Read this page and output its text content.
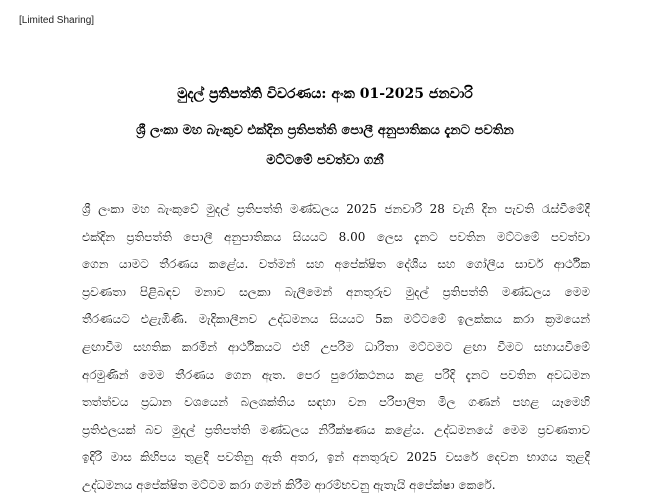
[Limited Sharing]
මුදල් ප්‍රතිපත්ති විවරණය: අංක 01-2025 ජනවාරි
ශ්‍රී ලංකා මහ බැංකුව එක්දින ප්‍රතිපත්ති පොලී අනුපාතිකය දැනට පවතින
මට්ටමේ පවත්වා ගනී
ශ්‍රී ලංකා මහ බැංකුවේ මුදල් ප්‍රතිපත්ති මණ්ඩලය 2025 ජනවාරි 28 වැනි දින පැවති රැස්වීමේදී
එක්දින ප්‍රතිපත්ති පොලී අනුපාතිකය සියයට 8.00 ලෙස දැනට පවතින මට්ටමේ පවත්වා
ගෙන යාමට තීරණය කළේය. වත්මන් සහ අපේක්ෂිත දේශීය සහ ගෝලීය සාර්ව ආර්ථික
ප්‍රවණතා පිළිබඳව මනාව සලකා බැලීමෙන් අනතුරුව මුදල් ප්‍රතිපත්ති මණ්ඩලය මෙම
තීරණයට එළැඹිණි. මැදිකාලීනව උද්ධමනය සියයට 5ක මට්ටමේ ඉලක්කය කරා ක්‍රමයෙන්
ළඟාවීම සහතික කරමින් ආර්ථිකයට එහි උපරිම ධාරිතා මට්ටමට ළඟා වීමට සහායවීමේ
අරමුණින් මෙම තීරණය ගෙන ඇත. පෙර පුරෝකථනය කළ පරිදි දැනට පවතින අවධමන
තත්ත්වය ප්‍රධාන වශයෙන් බලශක්තිය සඳහා වන පරිපාලිත මිල ගණන් පහළ යෑමෙහි
ප්‍රතිඵලයක් බව මුදල් ප්‍රතිපත්ති මණ්ඩලය නිරීක්ෂණය කළේය. උද්ධමනයේ මෙම ප්‍රවණතාව
ඉදිරි මාස කිහිපය තුළදී පවතිනු ඇති අතර, ඉන් අනතුරුව 2025 වසරේ දෙවන භාගය තුළදී
උද්ධමනය අපේක්ෂිත මට්ටම කරා ගමන් කිරීම ආරම්භවනු ඇතැයි අපේක්ෂා කෙරේ.
